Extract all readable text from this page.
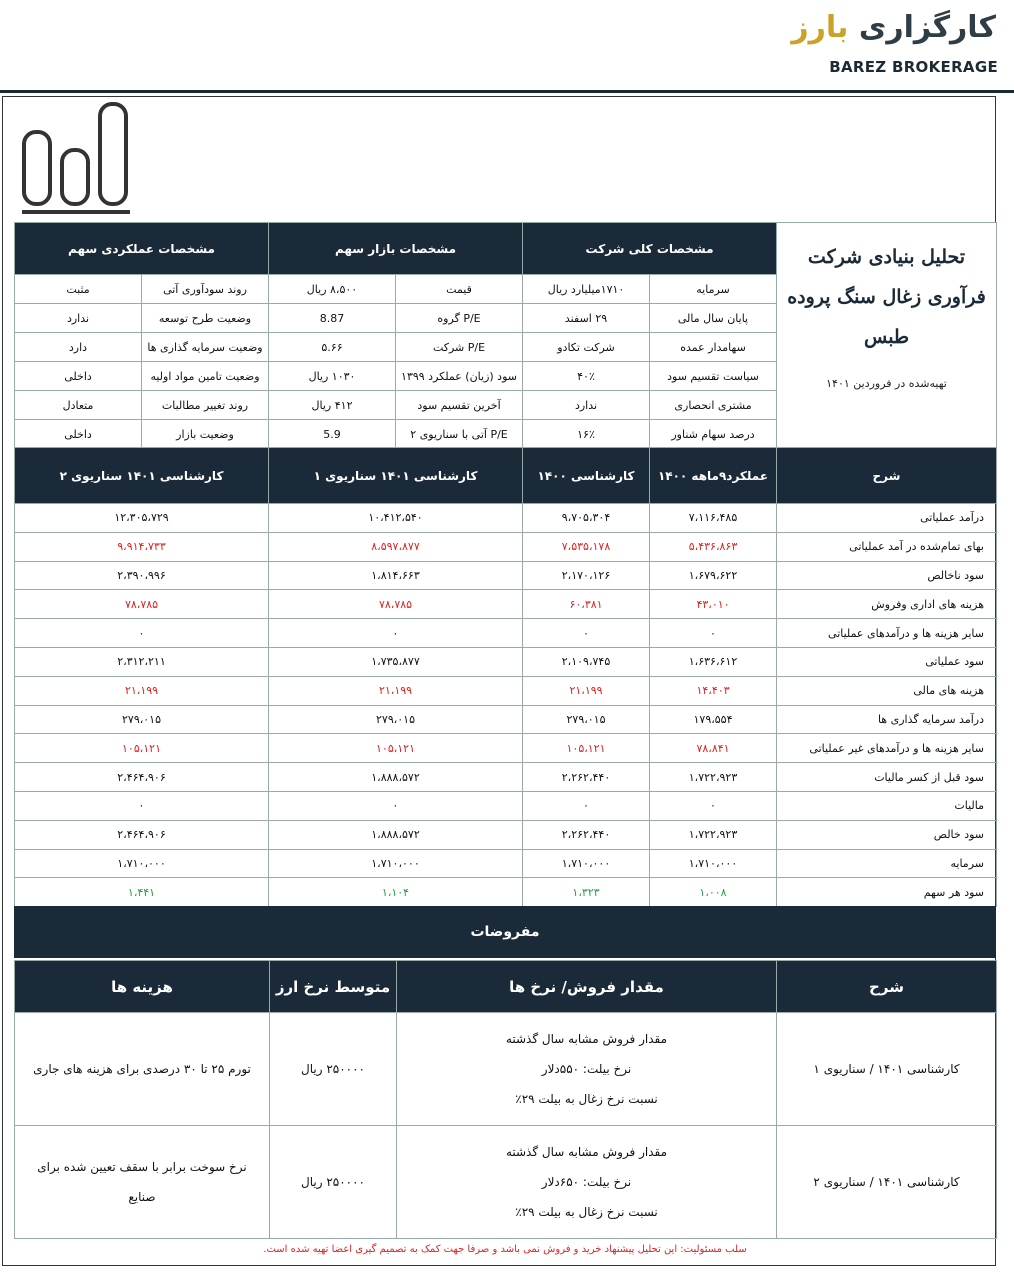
کارگزاری بارز
BAREZ BROKERAGE
تحلیل بنیادی شرکت فرآوری زغال سنگ پروده طبس
تهیه‌شده در فروردین ۱۴۰۱	مشخصات کلی شرکت		مشخصات بازار سهم		مشخصات عملکردی سهم	
	سرمایه	۱۷۱۰میلیارد ریال	قیمت	۸،۵۰۰ ریال	روند سودآوری آتی	مثبت
	پایان سال مالی	۲۹ اسفند	P/E گروه	8.87	وضعیت طرح توسعه	ندارد
	سهامدار عمده	شرکت تکادو	P/E شرکت	۵.۶۶	وضعیت سرمایه گذاری ها	دارد
	سیاست تقسیم سود	۴۰٪	سود (زیان) عملکرد ۱۳۹۹	۱۰۳۰ ریال	وضعیت تامین مواد اولیه	داخلی
	مشتری انحصاری	ندارد	آخرین تقسیم سود	۴۱۲ ریال	روند تغییر مطالبات	متعادل
	درصد سهام شناور	۱۶٪	P/E آتی با سناریوی ۲	5.9	وضعیت بازار	داخلی
شرح	عملکرد۹ماهه ۱۴۰۰	کارشناسی ۱۴۰۰	کارشناسی ۱۴۰۱ سناریوی ۱	کارشناسی ۱۴۰۱ سناریوی ۲
درآمد عملیاتی	۷،۱۱۶،۴۸۵	۹،۷۰۵،۳۰۴	۱۰،۴۱۲،۵۴۰	۱۲،۳۰۵،۷۲۹
بهای تمام‌شده در آمد عملیاتی	۵،۴۳۶،۸۶۳	۷،۵۳۵،۱۷۸	۸،۵۹۷،۸۷۷	۹،۹۱۴،۷۳۳
سود ناخالص	۱،۶۷۹،۶۲۲	۲،۱۷۰،۱۲۶	۱،۸۱۴،۶۶۳	۲،۳۹۰،۹۹۶
هزینه های اداری وفروش	۴۳،۰۱۰	۶۰،۳۸۱	۷۸،۷۸۵	۷۸،۷۸۵
سایر هزینه ها و درآمدهای عملیاتی	۰	۰	۰	۰
سود عملیاتی	۱،۶۳۶،۶۱۲	۲،۱۰۹،۷۴۵	۱،۷۳۵،۸۷۷	۲،۳۱۲،۲۱۱
هزینه های مالی	۱۴،۴۰۳	۲۱،۱۹۹	۲۱،۱۹۹	۲۱،۱۹۹
درآمد سرمایه گذاری ها	۱۷۹،۵۵۴	۲۷۹،۰۱۵	۲۷۹،۰۱۵	۲۷۹،۰۱۵
سایر هزینه ها و درآمدهای غیر عملیاتی	۷۸،۸۴۱	۱۰۵،۱۲۱	۱۰۵،۱۲۱	۱۰۵،۱۲۱
سود قبل از کسر مالیات	۱،۷۲۲،۹۲۳	۲،۲۶۲،۴۴۰	۱،۸۸۸،۵۷۲	۲،۴۶۴،۹۰۶
مالیات	۰	۰	۰	۰
سود خالص	۱،۷۲۲،۹۲۳	۲،۲۶۲،۴۴۰	۱،۸۸۸،۵۷۲	۲،۴۶۴،۹۰۶
سرمایه	۱،۷۱۰،۰۰۰	۱،۷۱۰،۰۰۰	۱،۷۱۰،۰۰۰	۱،۷۱۰،۰۰۰
سود هر سهم	۱،۰۰۸	۱،۳۲۳	۱،۱۰۴	۱،۴۴۱
مفروضات
شرح	مقدار فروش/ نرخ ها	متوسط نرخ ارز	هزینه ها
کارشناسی ۱۴۰۱ / سناریوی ۱	مقدار فروش مشابه سال گذشته
نرخ بیلت: ۵۵۰دلار
نسبت نرخ زغال به بیلت ۲۹٪	۲۵۰۰۰۰ ریال	تورم ۲۵ تا ۳۰ درصدی برای هزینه های جاری
کارشناسی ۱۴۰۱ / سناریوی ۲	مقدار فروش مشابه سال گذشته
نرخ بیلت: ۶۵۰دلار
نسبت نرخ زغال به بیلت ۲۹٪	۲۵۰۰۰۰ ریال	نرخ سوخت برابر با سقف تعیین شده برای صنایع
سلب مسئولیت: این تحلیل پیشنهاد خرید و فروش نمی باشد و صرفا جهت کمک به تصمیم گیری اعضا تهیه شده است.
